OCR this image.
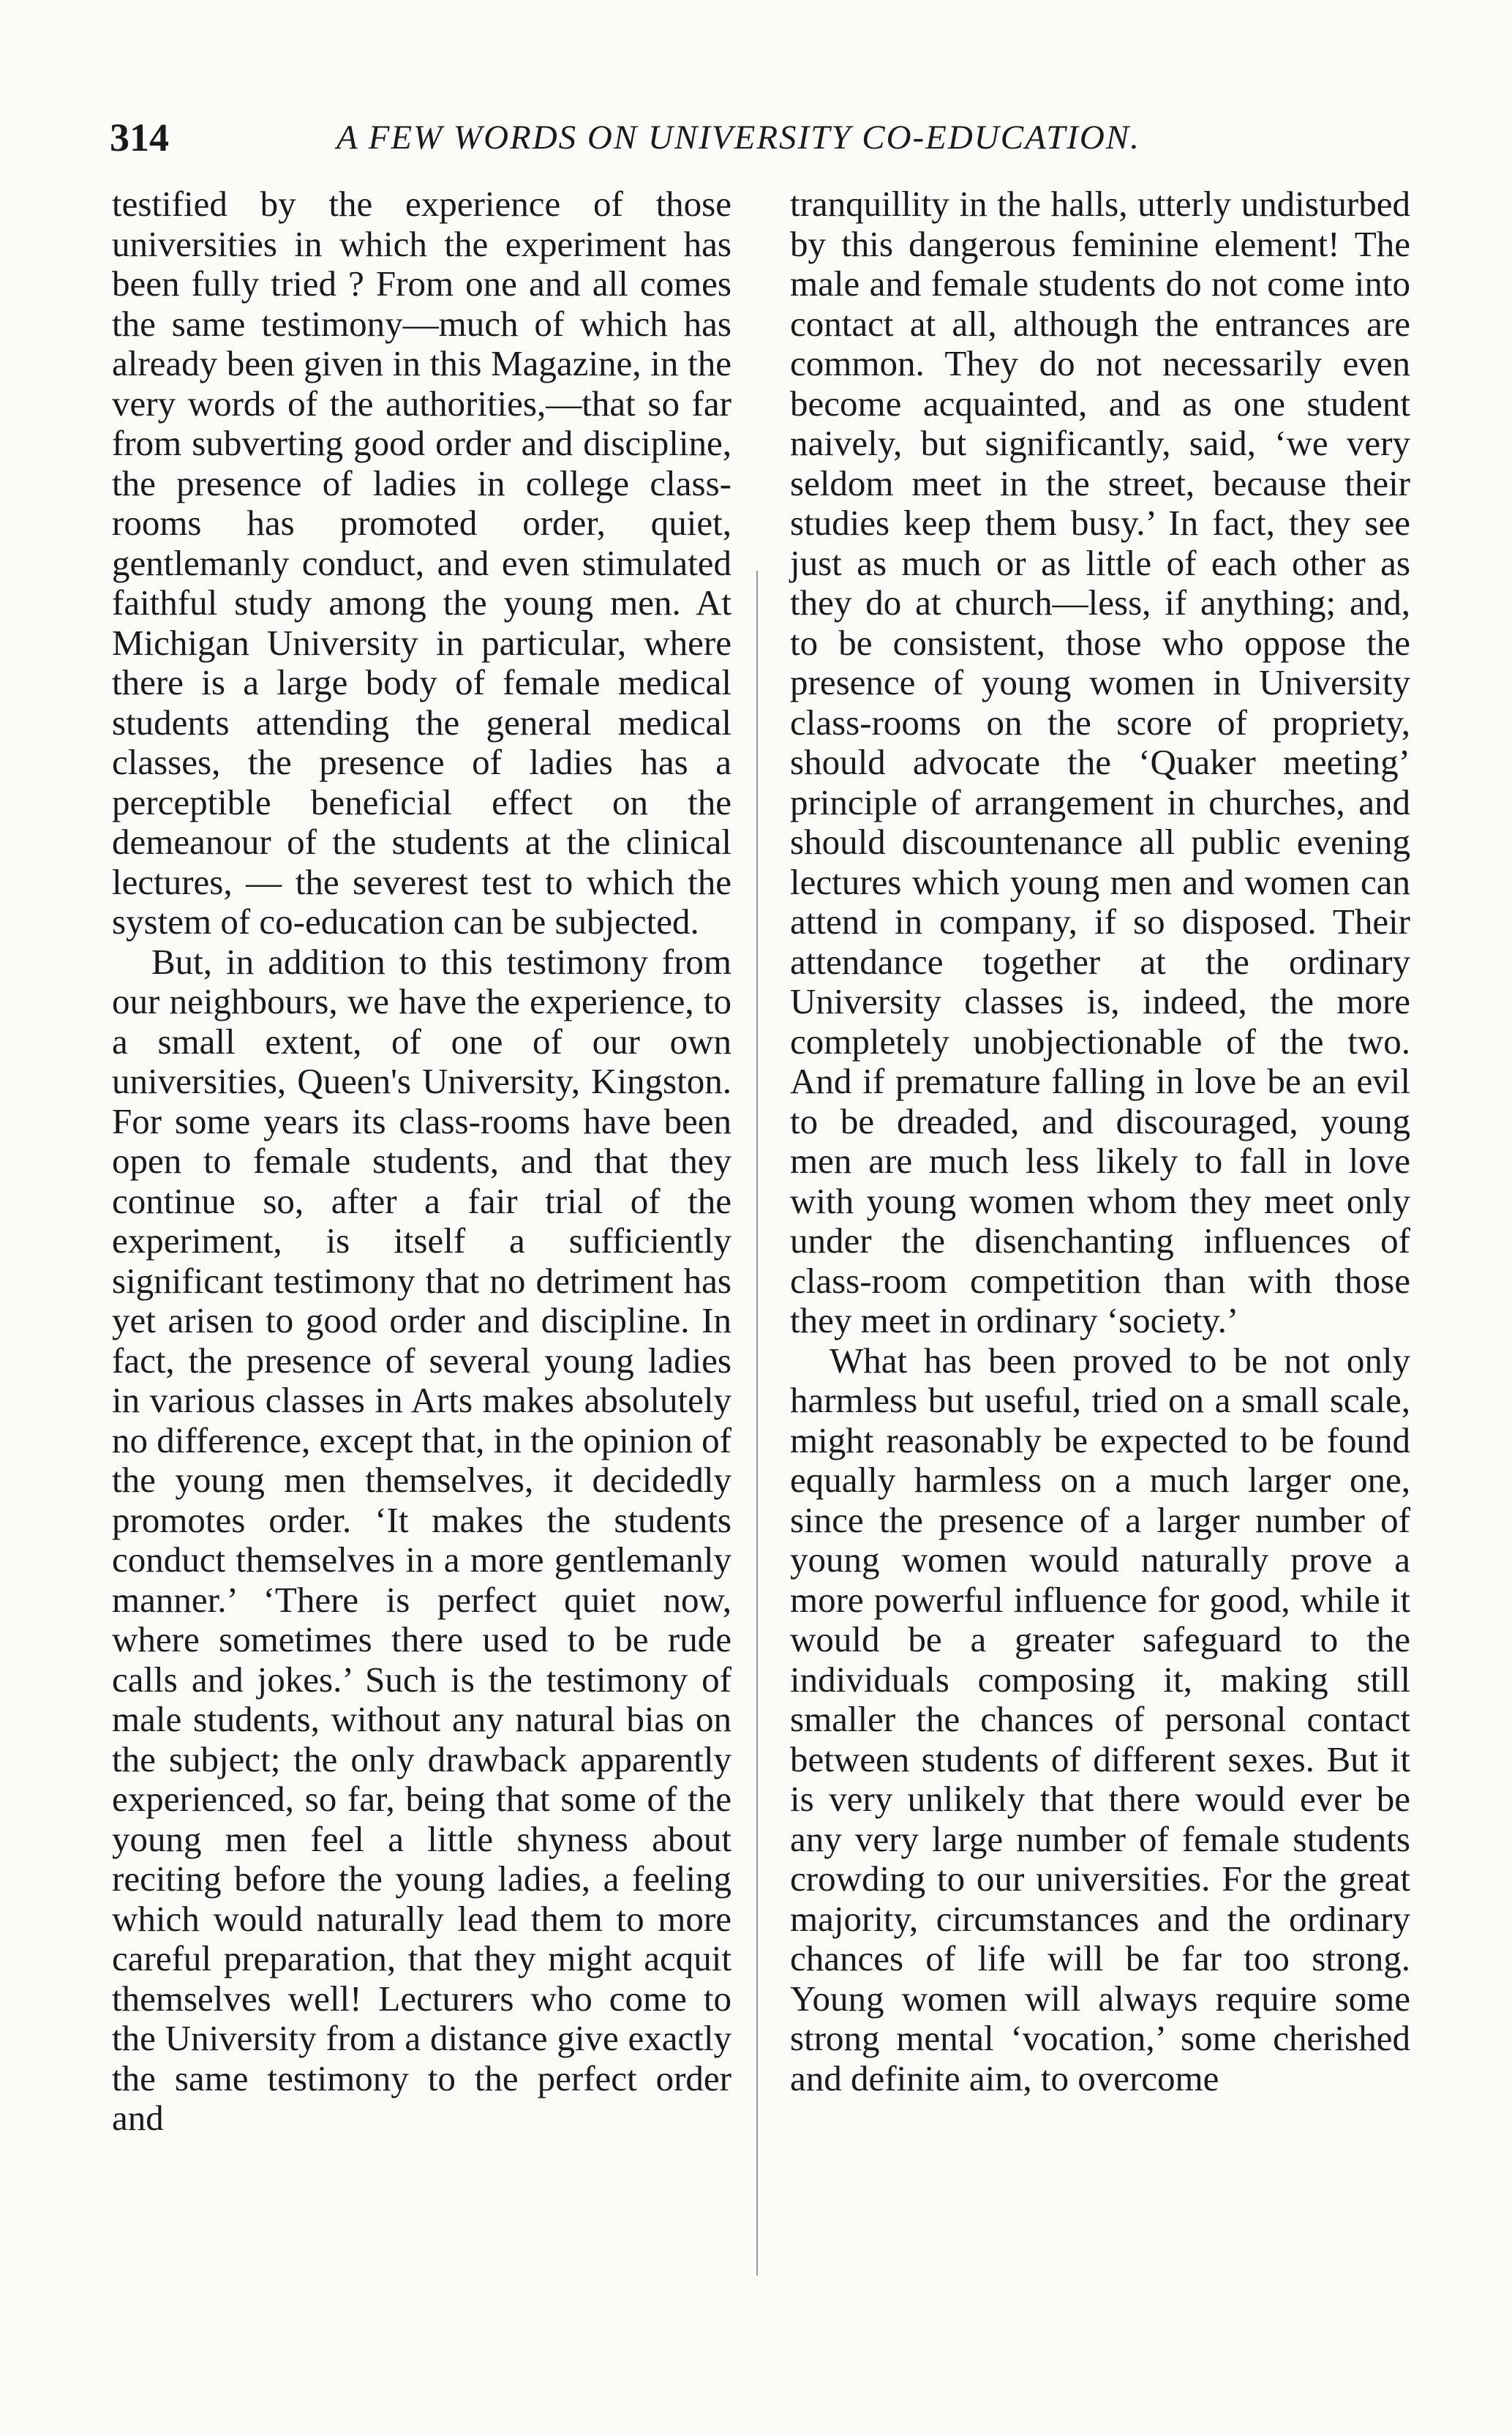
314	A FEW WORDS ON UNIVERSITY CO-EDUCATION.

testified by the experience of those universities in which the experiment has been fully tried ? From one and all comes the same testimony—much of which has already been given in this Magazine, in the very words of the authorities,—that so far from subverting good order and discipline, the presence of ladies in college class-rooms has promoted order, quiet, gentlemanly conduct, and even stimulated faithful study among the young men. At Michigan University in particular, where there is a large body of female medical students attending the general medical classes, the presence of ladies has a perceptible beneficial effect on the demeanour of the students at the clinical lectures, — the severest test to which the system of co-education can be subjected.

But, in addition to this testimony from our neighbours, we have the experience, to a small extent, of one of our own universities, Queen's University, Kingston. For some years its class-rooms have been open to female students, and that they continue so, after a fair trial of the experiment, is itself a sufficiently significant testimony that no detriment has yet arisen to good order and discipline. In fact, the presence of several young ladies in various classes in Arts makes absolutely no difference, except that, in the opinion of the young men themselves, it decidedly promotes order. ‘It makes the students conduct themselves in a more gentlemanly manner.’ ‘There is perfect quiet now, where sometimes there used to be rude calls and jokes.’ Such is the testimony of male students, without any natural bias on the subject; the only drawback apparently experienced, so far, being that some of the young men feel a little shyness about reciting before the young ladies, a feeling which would naturally lead them to more careful preparation, that they might acquit themselves well! Lecturers who come to the University from a distance give exactly the same testimony to the perfect order and

tranquillity in the halls, utterly undisturbed by this dangerous feminine element! The male and female students do not come into contact at all, although the entrances are common. They do not necessarily even become acquainted, and as one student naively, but significantly, said, ‘we very seldom meet in the street, because their studies keep them busy.’ In fact, they see just as much or as little of each other as they do at church—less, if anything; and, to be consistent, those who oppose the presence of young women in University class-rooms on the score of propriety, should advocate the ‘Quaker meeting’ principle of arrangement in churches, and should discountenance all public evening lectures which young men and women can attend in company, if so disposed. Their attendance together at the ordinary University classes is, indeed, the more completely unobjectionable of the two. And if premature falling in love be an evil to be dreaded, and discouraged, young men are much less likely to fall in love with young women whom they meet only under the disenchanting influences of class-room competition than with those they meet in ordinary ‘society.’

What has been proved to be not only harmless but useful, tried on a small scale, might reasonably be expected to be found equally harmless on a much larger one, since the presence of a larger number of young women would naturally prove a more powerful influence for good, while it would be a greater safeguard to the individuals composing it, making still smaller the chances of personal contact between students of different sexes. But it is very unlikely that there would ever be any very large number of female students crowding to our universities. For the great majority, circumstances and the ordinary chances of life will be far too strong. Young women will always require some strong mental ‘vocation,’ some cherished and definite aim, to overcome
